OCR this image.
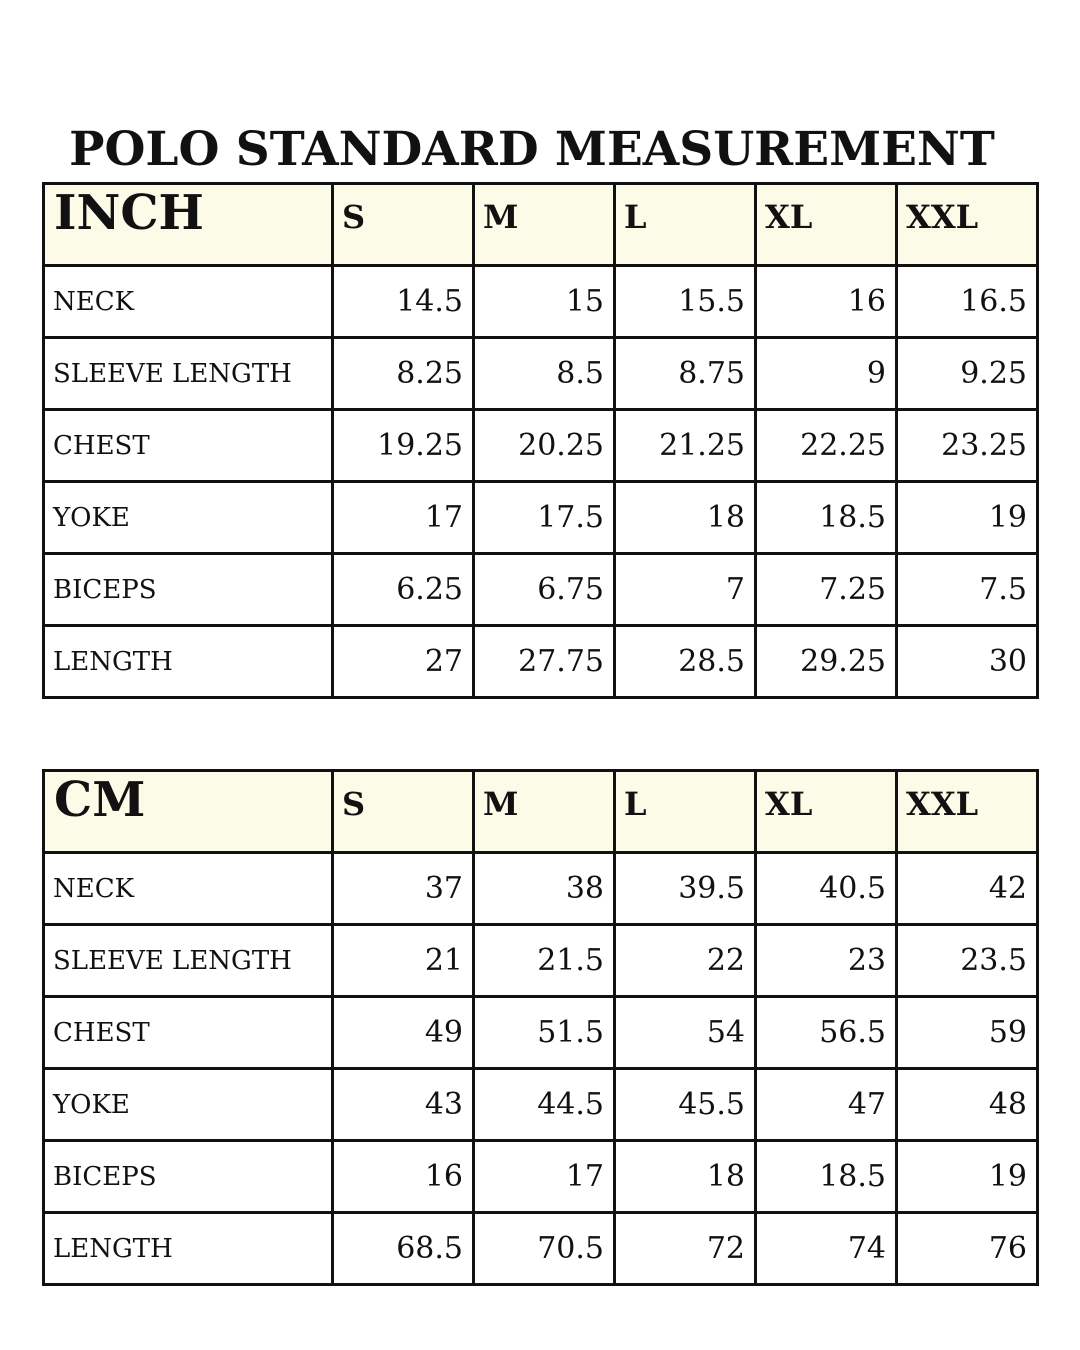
POLO STANDARD MEASUREMENT
INCH	S	M	L	XL	XXL
NECK	14.5	15	15.5	16	16.5
SLEEVE LENGTH	8.25	8.5	8.75	9	9.25
CHEST	19.25	20.25	21.25	22.25	23.25
YOKE	17	17.5	18	18.5	19
BICEPS	6.25	6.75	7	7.25	7.5
LENGTH	27	27.75	28.5	29.25	30
CM	S	M	L	XL	XXL
NECK	37	38	39.5	40.5	42
SLEEVE LENGTH	21	21.5	22	23	23.5
CHEST	49	51.5	54	56.5	59
YOKE	43	44.5	45.5	47	48
BICEPS	16	17	18	18.5	19
LENGTH	68.5	70.5	72	74	76
